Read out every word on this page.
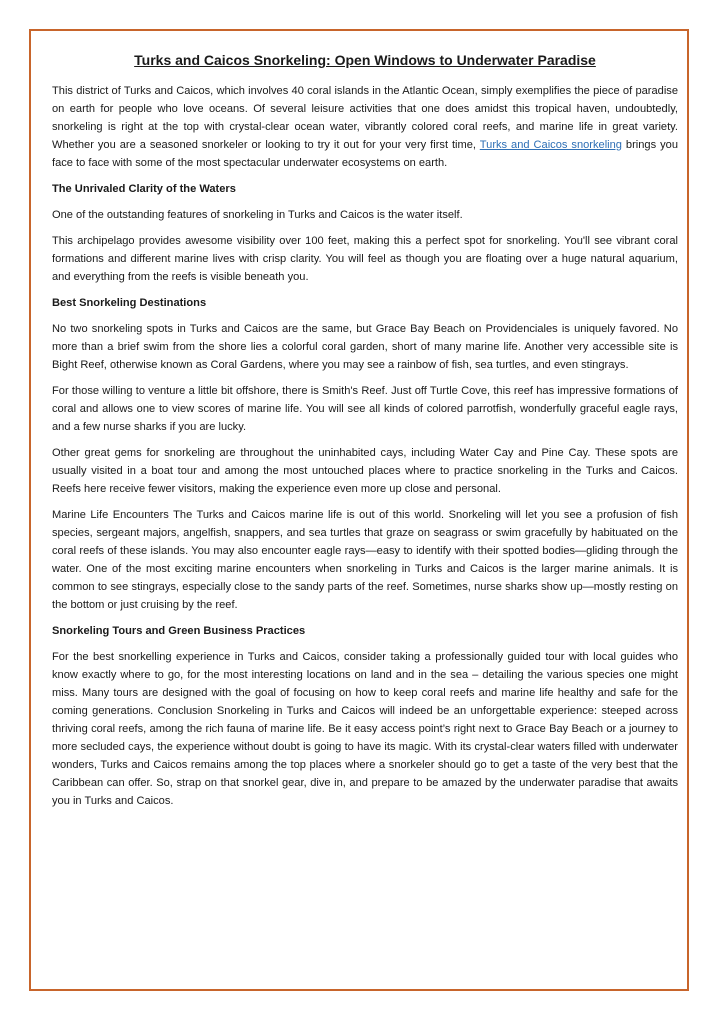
Turks and Caicos Snorkeling: Open Windows to Underwater Paradise

This district of Turks and Caicos, which involves 40 coral islands in the Atlantic Ocean, simply exemplifies the piece of paradise on earth for people who love oceans. Of several leisure activities that one does amidst this tropical haven, undoubtedly, snorkeling is right at the top with crystal-clear ocean water, vibrantly colored coral reefs, and marine life in great variety. Whether you are a seasoned snorkeler or looking to try it out for your very first time, Turks and Caicos snorkeling brings you face to face with some of the most spectacular underwater ecosystems on earth.

The Unrivaled Clarity of the Waters

One of the outstanding features of snorkeling in Turks and Caicos is the water itself.

This archipelago provides awesome visibility over 100 feet, making this a perfect spot for snorkeling. You'll see vibrant coral formations and different marine lives with crisp clarity. You will feel as though you are floating over a huge natural aquarium, and everything from the reefs is visible beneath you.

Best Snorkeling Destinations

No two snorkeling spots in Turks and Caicos are the same, but Grace Bay Beach on Providenciales is uniquely favored. No more than a brief swim from the shore lies a colorful coral garden, short of many marine life. Another very accessible site is Bight Reef, otherwise known as Coral Gardens, where you may see a rainbow of fish, sea turtles, and even stingrays.

For those willing to venture a little bit offshore, there is Smith's Reef. Just off Turtle Cove, this reef has impressive formations of coral and allows one to view scores of marine life. You will see all kinds of colored parrotfish, wonderfully graceful eagle rays, and a few nurse sharks if you are lucky.

Other great gems for snorkeling are throughout the uninhabited cays, including Water Cay and Pine Cay. These spots are usually visited in a boat tour and among the most untouched places where to practice snorkeling in the Turks and Caicos. Reefs here receive fewer visitors, making the experience even more up close and personal.

Marine Life Encounters The Turks and Caicos marine life is out of this world. Snorkeling will let you see a profusion of fish species, sergeant majors, angelfish, snappers, and sea turtles that graze on seagrass or swim gracefully by habituated on the coral reefs of these islands. You may also encounter eagle rays—easy to identify with their spotted bodies—gliding through the water. One of the most exciting marine encounters when snorkeling in Turks and Caicos is the larger marine animals. It is common to see stingrays, especially close to the sandy parts of the reef. Sometimes, nurse sharks show up—mostly resting on the bottom or just cruising by the reef.

Snorkeling Tours and Green Business Practices

For the best snorkelling experience in Turks and Caicos, consider taking a professionally guided tour with local guides who know exactly where to go, for the most interesting locations on land and in the sea – detailing the various species one might miss. Many tours are designed with the goal of focusing on how to keep coral reefs and marine life healthy and safe for the coming generations. Conclusion Snorkeling in Turks and Caicos will indeed be an unforgettable experience: steeped across thriving coral reefs, among the rich fauna of marine life. Be it easy access point’s right next to Grace Bay Beach or a journey to more secluded cays, the experience without doubt is going to have its magic. With its crystal-clear waters filled with underwater wonders, Turks and Caicos remains among the top places where a snorkeler should go to get a taste of the very best that the Caribbean can offer. So, strap on that snorkel gear, dive in, and prepare to be amazed by the underwater paradise that awaits you in Turks and Caicos.
